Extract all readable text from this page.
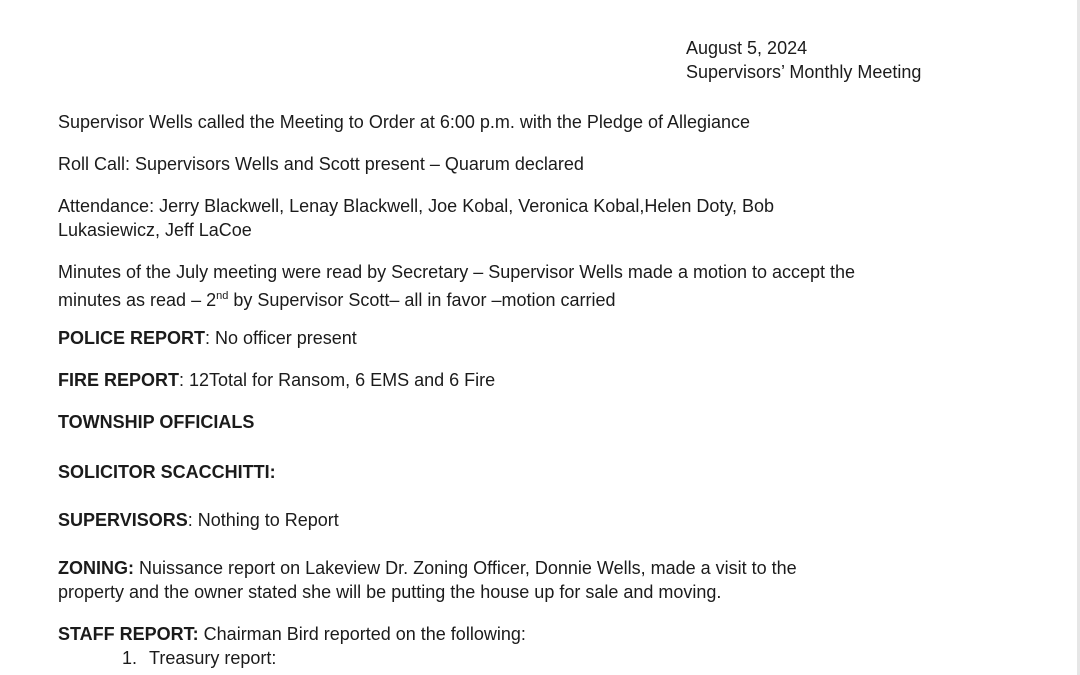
August 5, 2024
Supervisors’ Monthly Meeting
Supervisor Wells called the Meeting to Order at 6:00 p.m. with the Pledge of Allegiance
Roll Call: Supervisors Wells and Scott present – Quarum declared
Attendance: Jerry Blackwell, Lenay Blackwell, Joe Kobal, Veronica Kobal,Helen Doty, Bob
Lukasiewicz, Jeff LaCoe
Minutes of the July meeting were read by Secretary – Supervisor Wells made a motion to accept the
minutes as read – 2nd by Supervisor Scott– all in favor –motion carried
POLICE REPORT: No officer present
FIRE REPORT: 12Total for Ransom, 6 EMS and 6 Fire
TOWNSHIP OFFICIALS
SOLICITOR SCACCHITTI:
SUPERVISORS: Nothing to Report
ZONING: Nuissance report on Lakeview Dr. Zoning Officer, Donnie Wells, made a visit to the
property and the owner stated she will be putting the house up for sale and moving.
STAFF REPORT: Chairman Bird reported on the following:
1. Treasury report:
